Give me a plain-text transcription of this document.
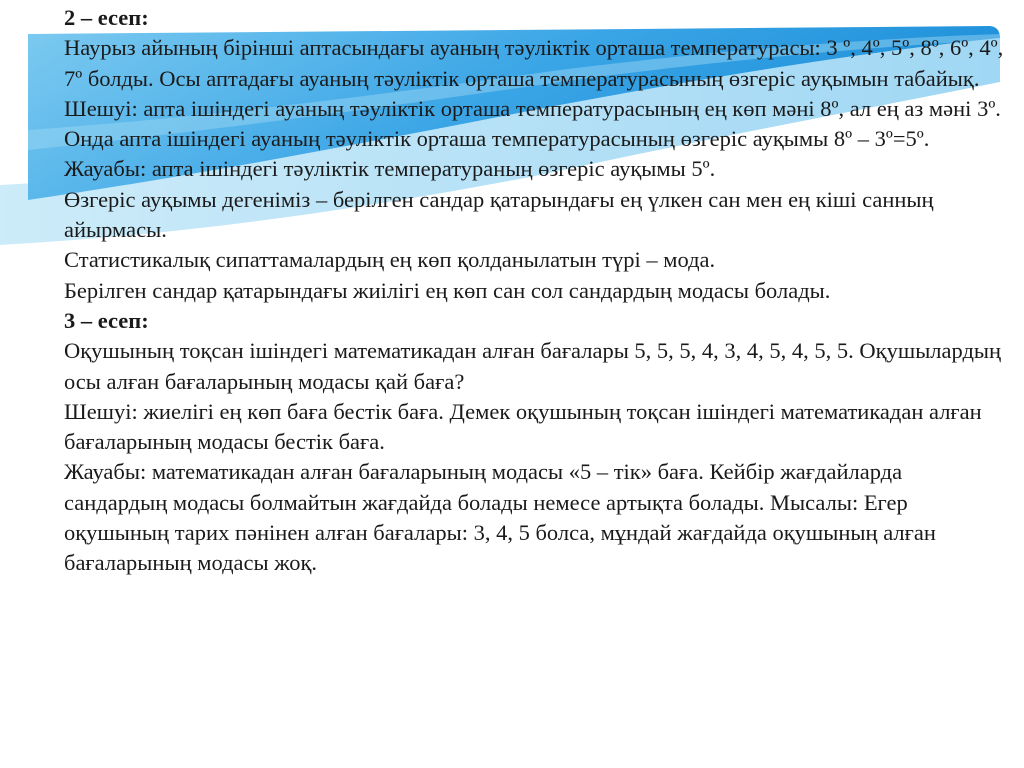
2 – есеп:

Наурыз айының бірінші аптасындағы ауаның тәуліктік орташа температурасы: 3 º, 4º, 5º, 8º, 6º, 4º, 7º болды. Осы аптадағы ауаның тәуліктік орташа температурасының өзгеріс ауқымын табайық.

Шешуі: апта ішіндегі ауаның тәуліктік орташа температурасының ең көп мәні 8º, ал ең аз мәні 3º. Онда апта ішіндегі ауаның тәуліктік орташа температурасының өзгеріс ауқымы 8º – 3º=5º.

Жауабы: апта ішіндегі тәуліктік температураның өзгеріс ауқымы 5º.

Өзгеріс ауқымы дегеніміз – берілген сандар қатарындағы ең үлкен сан мен ең кіші санның айырмасы.

Статистикалық сипаттамалардың ең көп қолданылатын түрі – мода.

Берілген сандар қатарындағы жиілігі ең көп сан сол сандардың модасы болады.

3 – есеп:

Оқушының тоқсан ішіндегі математикадан алған бағалары 5, 5, 5, 4, 3, 4, 5, 4, 5, 5. Оқушылардың осы алған бағаларының модасы қай баға?

Шешуі: жиелігі ең көп баға бестік баға. Демек оқушының тоқсан ішіндегі математикадан алған бағаларының модасы бестік баға.

Жауабы: математикадан алған бағаларының модасы «5 – тік» баға. Кейбір жағдайларда сандардың модасы болмайтын жағдайда болады немесе артықта болады. Мысалы: Егер оқушының тарих пәнінен алған бағалары: 3, 4, 5 болса, мұндай жағдайда оқушының алған бағаларының модасы жоқ.
